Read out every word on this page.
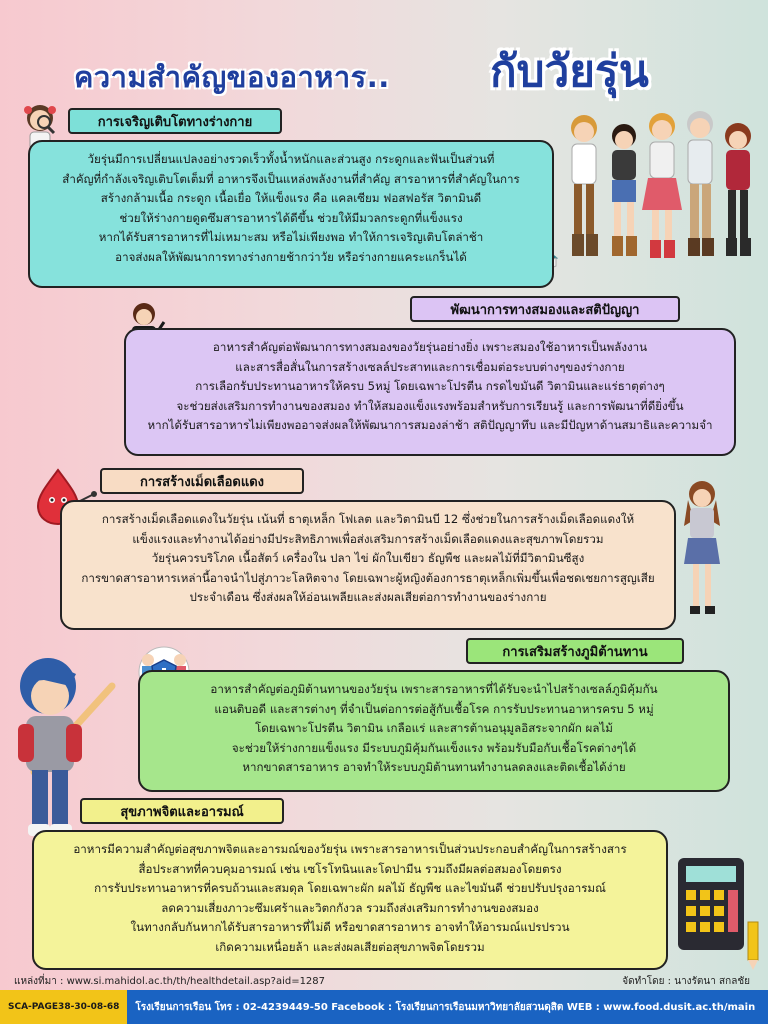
ความสำคัญของอาหาร.. กับวัยรุ่น
การเจริญเติบโตทางร่างกาย

วัยรุ่นมีการเปลี่ยนแปลงอย่างรวดเร็วทั้งน้ำหนักและส่วนสูง กระดูกและฟันเป็นส่วนที่

สำคัญที่กำลังเจริญเติบโตเต็มที่ อาหารจึงเป็นแหล่งพลังงานที่สำคัญ สารอาหารที่สำคัญในการ

สร้างกล้ามเนื้อ กระดูก เนื้อเยื่อ ให้แข็งแรง คือ แคลเซียม ฟอสฟอรัส วิตามินดี

ช่วยให้ร่างกายดูดซึมสารอาหารได้ดีขึ้น ช่วยให้มีมวลกระดูกที่แข็งแรง

หากได้รับสารอาหารที่ไม่เหมาะสม หรือไม่เพียงพอ ทำให้การเจริญเติบโตล่าช้า

อาจส่งผลให้พัฒนาการทางร่างกายช้ากว่าวัย หรือร่างกายแคระแกร็นได้

พัฒนาการทางสมองและสติปัญญา

อาหารสำคัญต่อพัฒนาการทางสมองของวัยรุ่นอย่างยิ่ง เพราะสมองใช้อาหารเป็นพลังงาน

และสารสื่อสั่นในการสร้างเซลล์ประสาทและการเชื่อมต่อระบบต่างๆของร่างกาย

การเลือกรับประทานอาหารให้ครบ 5หมู่ โดยเฉพาะโปรตีน กรดไขมันดี วิตามินและแร่ธาตุต่างๆ

จะช่วยส่งเสริมการทำงานของสมอง ทำให้สมองแข็งแรงพร้อมสำหรับการเรียนรู้ และการพัฒนาที่ดียิ่งขึ้น

หากได้รับสารอาหารไม่เพียงพออาจส่งผลให้พัฒนาการสมองล่าช้า สติปัญญาทึบ และมีปัญหาด้านสมาธิและความจำ

การสร้างเม็ดเลือดแดง

การสร้างเม็ดเลือดแดงในวัยรุ่น เน้นที่ ธาตุเหล็ก โฟเลต และวิตามินบี 12 ซึ่งช่วยในการสร้างเม็ดเลือดแดงให้

แข็งแรงและทำงานได้อย่างมีประสิทธิภาพเพื่อส่งเสริมการสร้างเม็ดเลือดแดงและสุขภาพโดยรวม

วัยรุ่นควรบริโภค เนื้อสัตว์ เครื่องใน ปลา ไข่ ผักใบเขียว ธัญพืช และผลไม้ที่มีวิตามินซีสูง

การขาดสารอาหารเหล่านี้อาจนำไปสู่ภาวะโลหิตจาง โดยเฉพาะผู้หญิงต้องการธาตุเหล็กเพิ่มขึ้นเพื่อชดเชยการสูญเสีย

ประจำเดือน ซึ่งส่งผลให้อ่อนเพลียและส่งผลเสียต่อการทำงานของร่างกาย

การเสริมสร้างภูมิต้านทาน

อาหารสำคัญต่อภูมิต้านทานของวัยรุ่น เพราะสารอาหารที่ได้รับจะนำไปสร้างเซลล์ภูมิคุ้มกัน

แอนติบอดี และสารต่างๆ ที่จำเป็นต่อการต่อสู้กับเชื้อโรค การรับประทานอาหารครบ 5 หมู่

โดยเฉพาะโปรตีน วิตามิน เกลือแร่ และสารต้านอนุมูลอิสระจากผัก ผลไม้

จะช่วยให้ร่างกายแข็งแรง มีระบบภูมิคุ้มกันแข็งแรง พร้อมรับมือกับเชื้อโรคต่างๆได้

หากขาดสารอาหาร อาจทำให้ระบบภูมิต้านทานทำงานลดลงและติดเชื้อได้ง่าย

สุขภาพจิตและอารมณ์

อาหารมีความสำคัญต่อสุขภาพจิตและอารมณ์ของวัยรุ่น เพราะสารอาหารเป็นส่วนประกอบสำคัญในการสร้างสาร

สื่อประสาทที่ควบคุมอารมณ์ เช่น เซโรโทนินและโดปามีน รวมถึงมีผลต่อสมองโดยตรง

การรับประทานอาหารที่ครบถ้วนและสมดุล โดยเฉพาะผัก ผลไม้ ธัญพืช และไขมันดี ช่วยปรับปรุงอารมณ์

ลดความเสี่ยงภาวะซึมเศร้าและวิตกกังวล รวมถึงส่งเสริมการทำงานของสมอง

ในทางกลับกันหากได้รับสารอาหารที่ไม่ดี หรือขาดสารอาหาร อาจทำให้อารมณ์แปรปรวน

เกิดความเหนื่อยล้า และส่งผลเสียต่อสุขภาพจิตโดยรวม

แหล่งที่มา : www.si.mahidol.ac.th/th/healthdetail.asp?aid=1287	จัดทำโดย : นางรัตนา สกลชัย
SCA-PAGE38-30-08-68	โรงเรียนการเรือน โทร : 02-4239449-50 Facebook : โรงเรียนการเรือนมหาวิทยาลัยสวนดุสิต WEB : www.food.dusit.ac.th/main
